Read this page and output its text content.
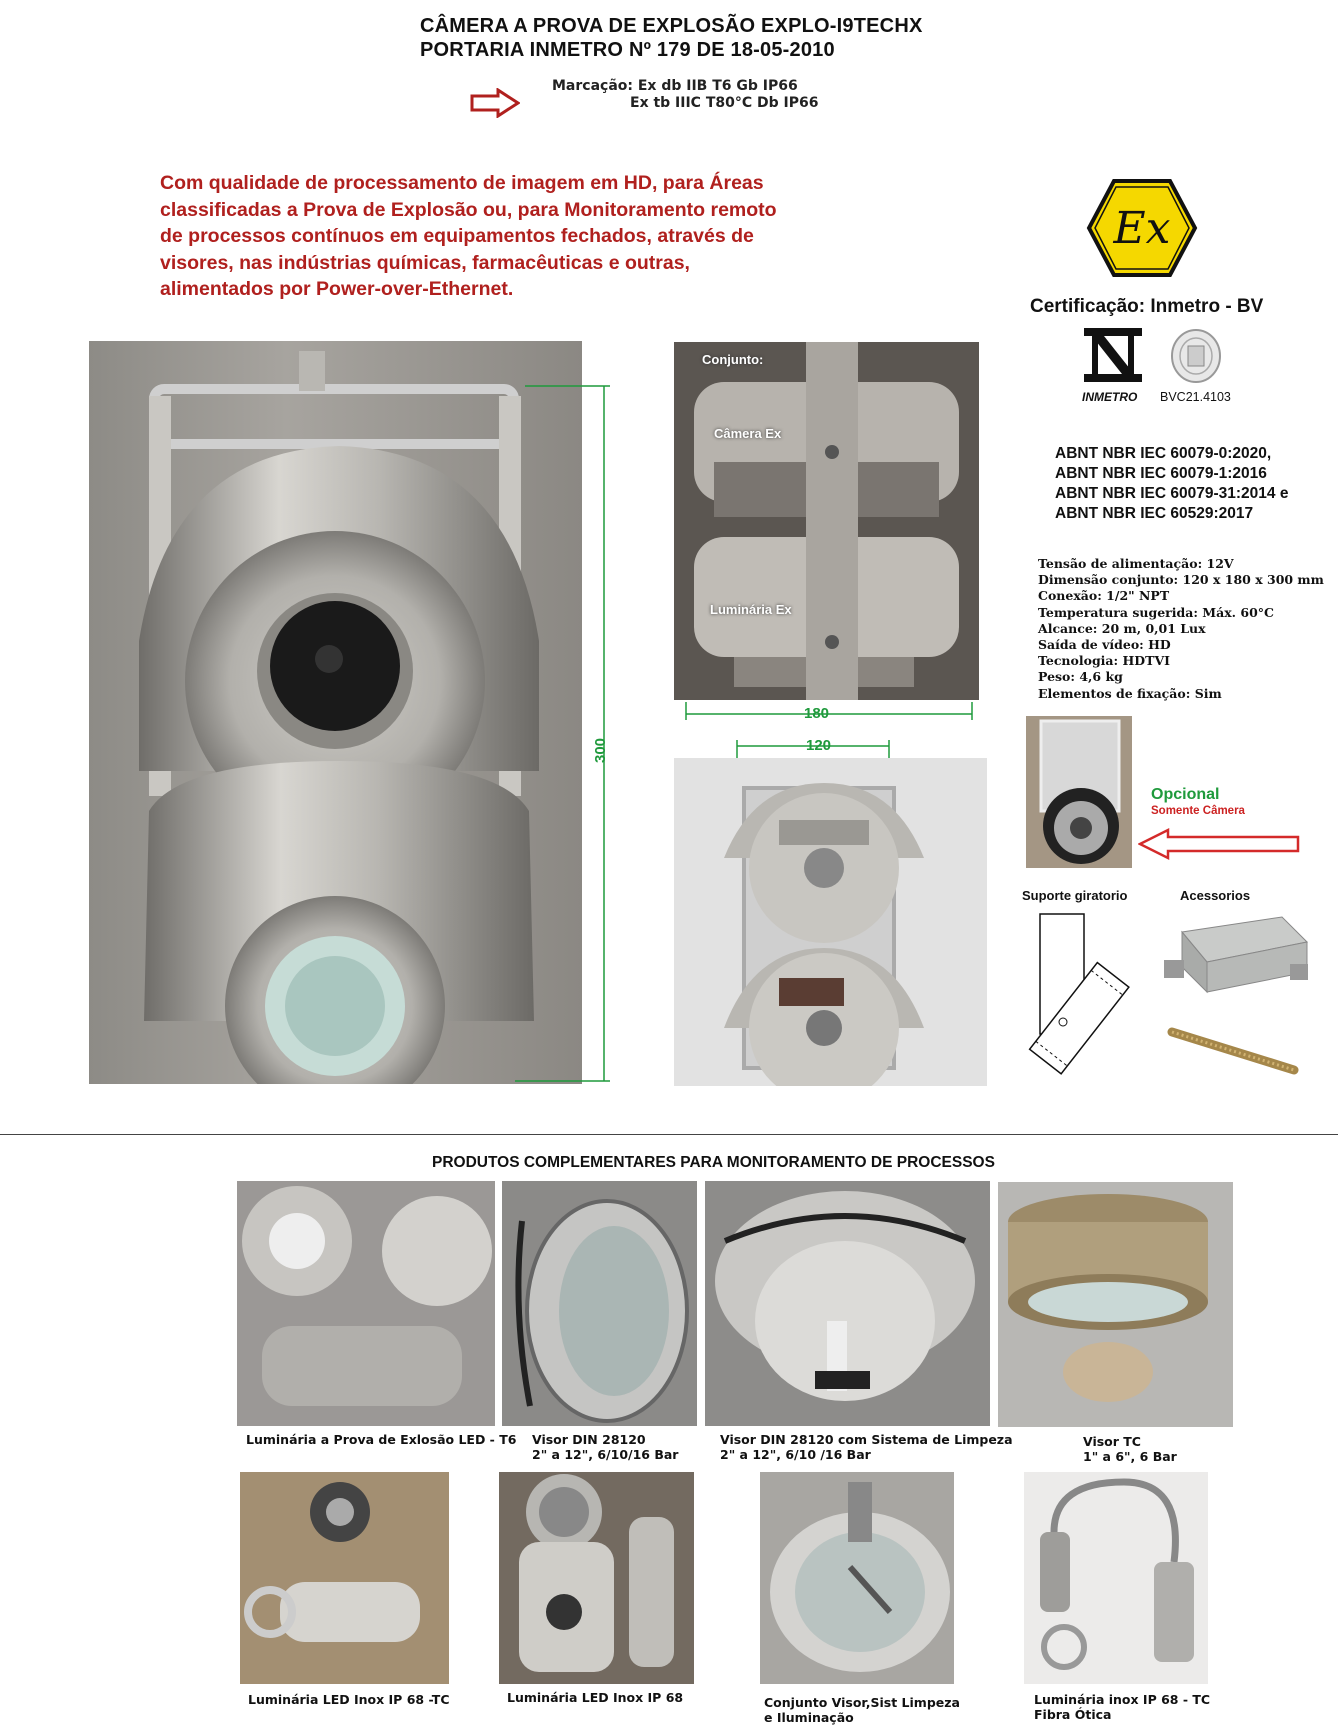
CÂMERA A PROVA DE EXPLOSÃO EXPLO-I9TECHX
PORTARIA INMETRO Nº 179 DE 18-05-2010
Marcação: Ex db IIB T6 Gb IP66
Ex tb IIIC T80°C Db IP66
Com qualidade de processamento de imagem em HD, para Áreas classificadas a Prova de Explosão ou, para Monitoramento remoto de processos contínuos em equipamentos fechados, através de visores, nas indústrias químicas, farmacêuticas e outras, alimentados por Power-over-Ethernet.
Ex
Certificação: Inmetro - BV
INMETRO BVC21.4103
ABNT NBR IEC 60079-0:2020,
ABNT NBR IEC 60079-1:2016
ABNT NBR IEC 60079-31:2014 e
ABNT NBR IEC 60529:2017
Tensão de alimentação: 12V
Dimensão conjunto: 120 x 180 x 300 mm
Conexão: 1/2" NPT
Temperatura sugerida: Máx. 60°C
Alcance: 20 m, 0,01 Lux
Saída de vídeo: HD
Tecnologia: HDTVI
Peso: 4,6 kg
Elementos de fixação: Sim
300
Conjunto:
Câmera Ex
Luminária Ex
180
120
Opcional
Somente Câmera
Suporte giratorio	Acessorios
PRODUTOS COMPLEMENTARES PARA MONITORAMENTO DE PROCESSOS
Luminária a Prova de Exlosão LED - T6 Visor DIN 28120
2" a 12", 6/10/16 Bar
Visor DIN 28120 com Sistema de Limpeza
2" a 12", 6/10 /16 Bar
Visor TC
1" a 6", 6 Bar
Luminária LED Inox IP 68 -TC	Luminária LED Inox IP 68	Conjunto Visor,Sist Limpeza
e Iluminação
Luminária inox IP 68 - TC
Fibra Ótica
